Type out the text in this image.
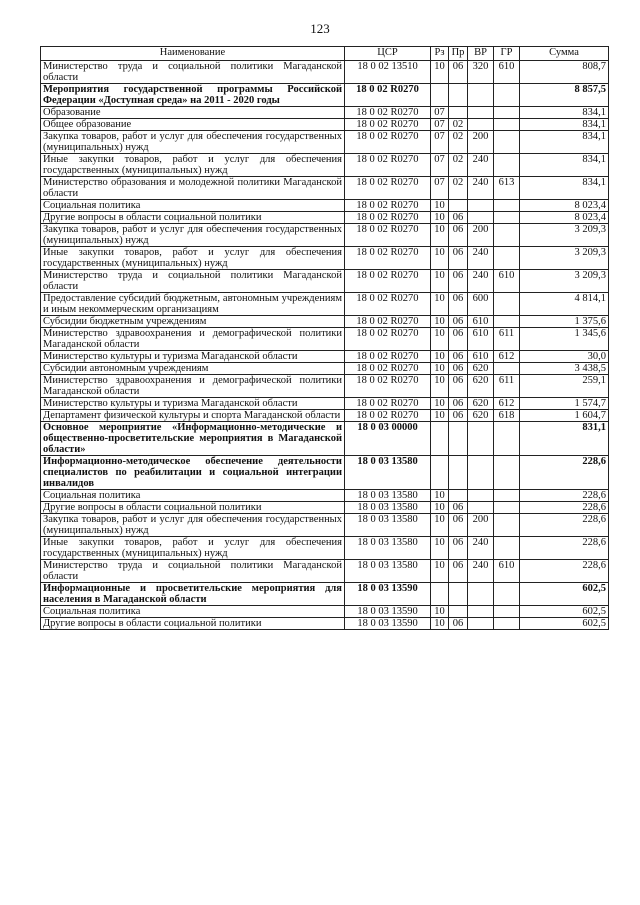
123
Наименование	ЦСР	Рз	Пр	ВР	ГР	Сумма
Министерство труда и социальной политики Магаданской области	18 0 02 13510	10	06	320	610	808,7
Мероприятия государственной программы Российской Федерации «Доступная среда» на 2011 - 2020 годы	18 0 02 R0270					8 857,5
Образование	18 0 02 R0270	07				834,1
Общее образование	18 0 02 R0270	07	02			834,1
Закупка товаров, работ и услуг для обеспечения государственных (муниципальных) нужд	18 0 02 R0270	07	02	200		834,1
Иные закупки товаров, работ и услуг для обеспечения государственных (муниципальных) нужд	18 0 02 R0270	07	02	240		834,1
Министерство образования и молодежной политики Магаданской области	18 0 02 R0270	07	02	240	613	834,1
Социальная политика	18 0 02 R0270	10				8 023,4
Другие вопросы в области социальной политики	18 0 02 R0270	10	06			8 023,4
Закупка товаров, работ и услуг для обеспечения государственных (муниципальных) нужд	18 0 02 R0270	10	06	200		3 209,3
Иные закупки товаров, работ и услуг для обеспечения государственных (муниципальных) нужд	18 0 02 R0270	10	06	240		3 209,3
Министерство труда и социальной политики Магаданской области	18 0 02 R0270	10	06	240	610	3 209,3
Предоставление субсидий бюджетным, автономным учреждениям и иным некоммерческим организациям	18 0 02 R0270	10	06	600		4 814,1
Субсидии бюджетным учреждениям	18 0 02 R0270	10	06	610		1 375,6
Министерство здравоохранения и демографической политики Магаданской области	18 0 02 R0270	10	06	610	611	1 345,6
Министерство культуры и туризма Магаданской области	18 0 02 R0270	10	06	610	612	30,0
Субсидии автономным учреждениям	18 0 02 R0270	10	06	620		3 438,5
Министерство здравоохранения и демографической политики Магаданской области	18 0 02 R0270	10	06	620	611	259,1
Министерство культуры и туризма Магаданской области	18 0 02 R0270	10	06	620	612	1 574,7
Департамент физической культуры и спорта Магаданской области	18 0 02 R0270	10	06	620	618	1 604,7
Основное мероприятие «Информационно-методические и общественно-просветительские мероприятия в Магаданской области»	18 0 03 00000					831,1
Информационно-методическое обеспечение деятельности специалистов по реабилитации и социальной интеграции инвалидов	18 0 03 13580					228,6
Социальная политика	18 0 03 13580	10				228,6
Другие вопросы в области социальной политики	18 0 03 13580	10	06			228,6
Закупка товаров, работ и услуг для обеспечения государственных (муниципальных) нужд	18 0 03 13580	10	06	200		228,6
Иные закупки товаров, работ и услуг для обеспечения государственных (муниципальных) нужд	18 0 03 13580	10	06	240		228,6
Министерство труда и социальной политики Магаданской области	18 0 03 13580	10	06	240	610	228,6
Информационные и просветительские мероприятия для населения в Магаданской области	18 0 03 13590					602,5
Социальная политика	18 0 03 13590	10				602,5
Другие вопросы в области социальной политики	18 0 03 13590	10	06			602,5
